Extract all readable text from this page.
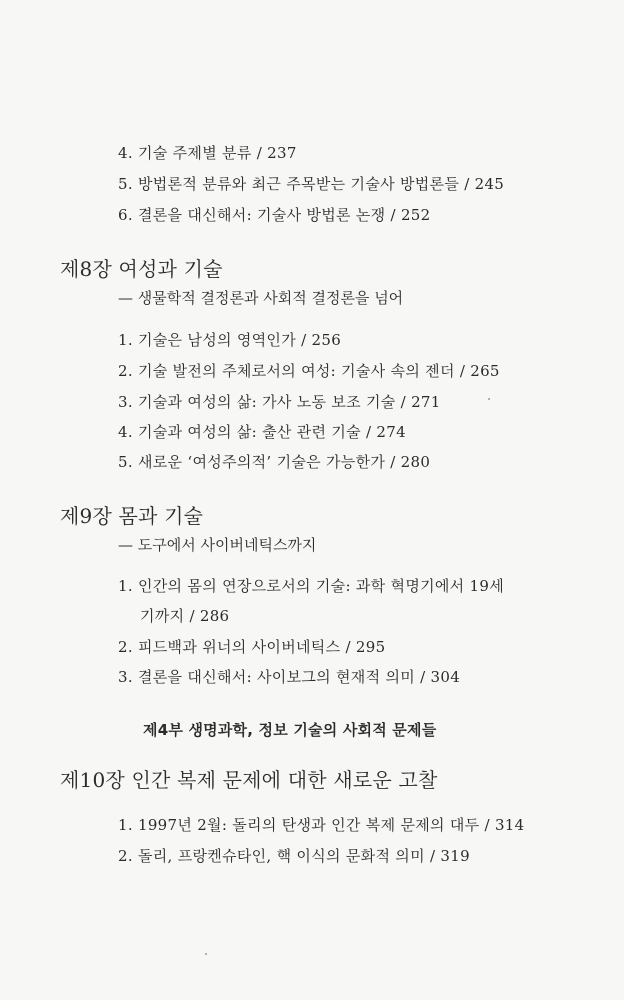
4. 기술 주제별 분류 / 237
5. 방법론적 분류와 최근 주목받는 기술사 방법론들 / 245
6. 결론을 대신해서: 기술사 방법론 논쟁 / 252
제8장 여성과 기술
— 생물학적 결정론과 사회적 결정론을 넘어
1. 기술은 남성의 영역인가 / 256
2. 기술 발전의 주체로서의 여성: 기술사 속의 젠더 / 265
3. 기술과 여성의 삶: 가사 노동 보조 기술 / 271
4. 기술과 여성의 삶: 출산 관련 기술 / 274
5. 새로운 ‘여성주의적’ 기술은 가능한가 / 280
제9장 몸과 기술
— 도구에서 사이버네틱스까지
1. 인간의 몸의 연장으로서의 기술: 과학 혁명기에서 19세
기까지 / 286
2. 피드백과 위너의 사이버네틱스 / 295
3. 결론을 대신해서: 사이보그의 현재적 의미 / 304
제4부 생명과학, 정보 기술의 사회적 문제들
제10장 인간 복제 문제에 대한 새로운 고찰
1. 1997년 2월: 돌리의 탄생과 인간 복제 문제의 대두 / 314
2. 돌리, 프랑켄슈타인, 핵 이식의 문화적 의미 / 319
